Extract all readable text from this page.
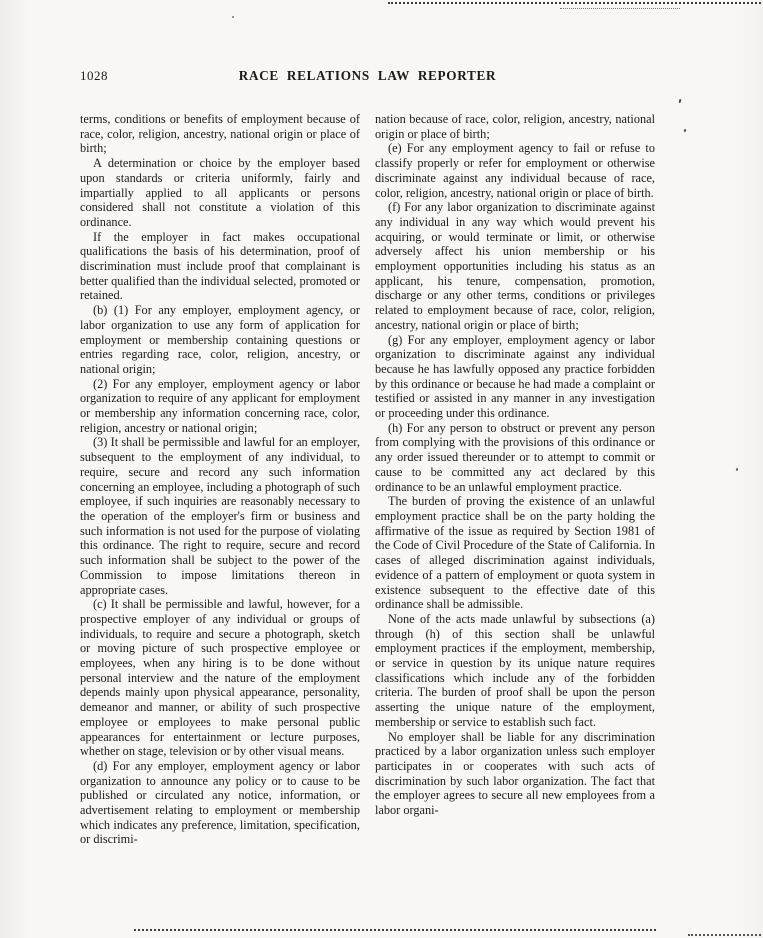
1028	RACE RELATIONS LAW REPORTER

terms, conditions or benefits of employment because of race, color, religion, ancestry, national origin or place of birth;

A determination or choice by the employer based upon standards or criteria uniformly, fairly and impartially applied to all applicants or persons considered shall not constitute a violation of this ordinance.

If the employer in fact makes occupational qualifications the basis of his determination, proof of discrimination must include proof that complainant is better qualified than the individual selected, promoted or retained.

(b) (1) For any employer, employment agency, or labor organization to use any form of application for employment or membership containing questions or entries regarding race, color, religion, ancestry, or national origin;

(2) For any employer, employment agency or labor organization to require of any applicant for employment or membership any information concerning race, color, religion, ancestry or national origin;

(3) It shall be permissible and lawful for an employer, subsequent to the employment of any individual, to require, secure and record any such information concerning an employee, including a photograph of such employee, if such inquiries are reasonably necessary to the operation of the employer's firm or business and such information is not used for the purpose of violating this ordinance. The right to require, secure and record such information shall be subject to the power of the Commission to impose limitations thereon in appropriate cases.

(c) It shall be permissible and lawful, however, for a prospective employer of any individual or groups of individuals, to require and secure a photograph, sketch or moving picture of such prospective employee or employees, when any hiring is to be done without personal interview and the nature of the employment depends mainly upon physical appearance, personality, demeanor and manner, or ability of such prospective employee or employees to make personal public appearances for entertainment or lecture purposes, whether on stage, television or by other visual means.

(d) For any employer, employment agency or labor organization to announce any policy or to cause to be published or circulated any notice, information, or advertisement relating to employment or membership which indicates any preference, limitation, specification, or discrimi-

nation because of race, color, religion, ancestry, national origin or place of birth;

(e) For any employment agency to fail or refuse to classify properly or refer for employment or otherwise discriminate against any individual because of race, color, religion, ancestry, national origin or place of birth.

(f) For any labor organization to discriminate against any individual in any way which would prevent his acquiring, or would terminate or limit, or otherwise adversely affect his union membership or his employment opportunities including his status as an applicant, his tenure, compensation, promotion, discharge or any other terms, conditions or privileges related to employment because of race, color, religion, ancestry, national origin or place of birth;

(g) For any employer, employment agency or labor organization to discriminate against any individual because he has lawfully opposed any practice forbidden by this ordinance or because he had made a complaint or testified or assisted in any manner in any investigation or proceeding under this ordinance.

(h) For any person to obstruct or prevent any person from complying with the provisions of this ordinance or any order issued thereunder or to attempt to commit or cause to be committed any act declared by this ordinance to be an unlawful employment practice.

The burden of proving the existence of an unlawful employment practice shall be on the party holding the affirmative of the issue as required by Section 1981 of the Code of Civil Procedure of the State of California. In cases of alleged discrimination against individuals, evidence of a pattern of employment or quota system in existence subsequent to the effective date of this ordinance shall be admissible.

None of the acts made unlawful by subsections (a) through (h) of this section shall be unlawful employment practices if the employment, membership, or service in question by its unique nature requires classifications which include any of the forbidden criteria. The burden of proof shall be upon the person asserting the unique nature of the employment, membership or service to establish such fact.

No employer shall be liable for any discrimination practiced by a labor organization unless such employer participates in or cooperates with such acts of discrimination by such labor organization. The fact that the employer agrees to secure all new employees from a labor organi-
